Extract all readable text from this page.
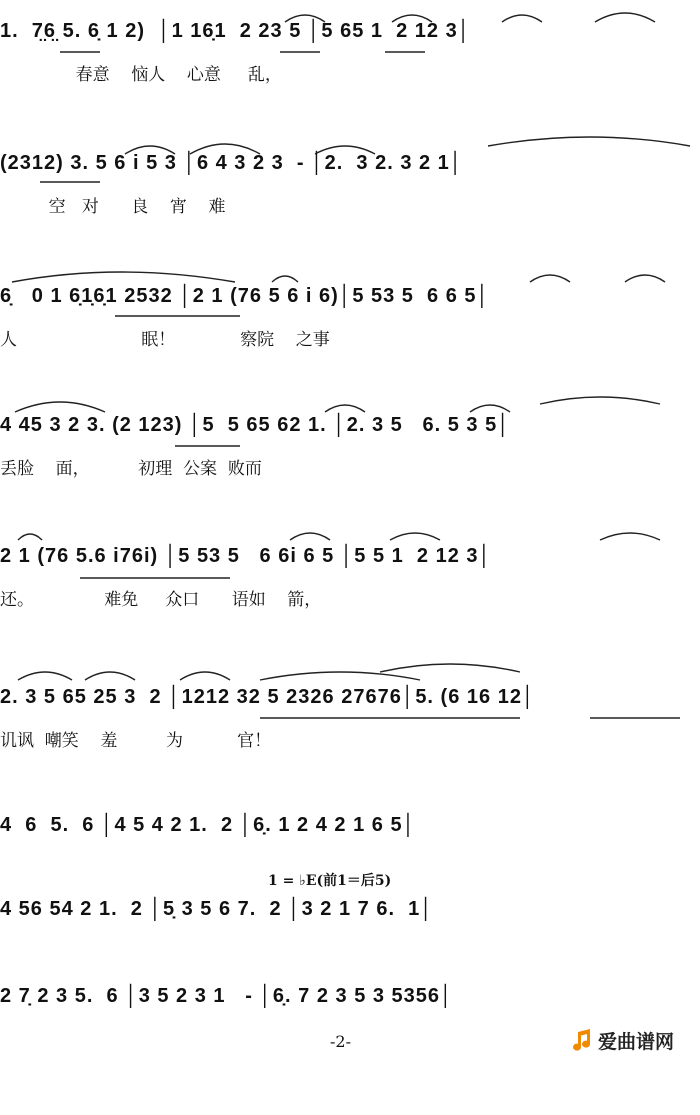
1.  7̤6̤ 5. 6̣ 1 2)  │1 16̣1  2 23 5 │5 65 1  2 12 3│
春意    恼人    心意     乱，
(2312) 3. 5 6 i 5 3 │6 4 3 2 3  - │2.  3 2. 3 2 1│
空   对      良    宵    难
6̣   0 1 6̣1̣6̣1 2532 │2 1 (76 5 6 i 6)│5 53 5  6 6 5│
人                       眠！            察院    之事
4 45 3 2 3. (2 123) │5  5 65 62 1. │2. 3 5   6. 5 3 5│
丢脸    面，         初理  公案  败而
2 1 (76 5.6 i76i) │5 53 5   6 6i 6 5 │5 5 1  2 12 3│
还。             难免     众口      语如    箭，
2. 3 5 65 25 3  2 │1212 32 5 2326 27676│5. (6 16 12│
讥讽  嘲笑    羞         为          官！
4  6  5.  6 │4 5 4 2 1.  2 │6̣. 1 2 4 2 1 6 5│
1 = ♭E(前1＝后5)
4 56 54 2 1.  2 │5̣ 3 5 6 7.  2 │3 2 1 7 6.  1│
2 7̣ 2 3 5.  6 │3 5 2 3 1   - │6̣. 7 2 3 5 3 5356│
-2-	爱曲谱网
